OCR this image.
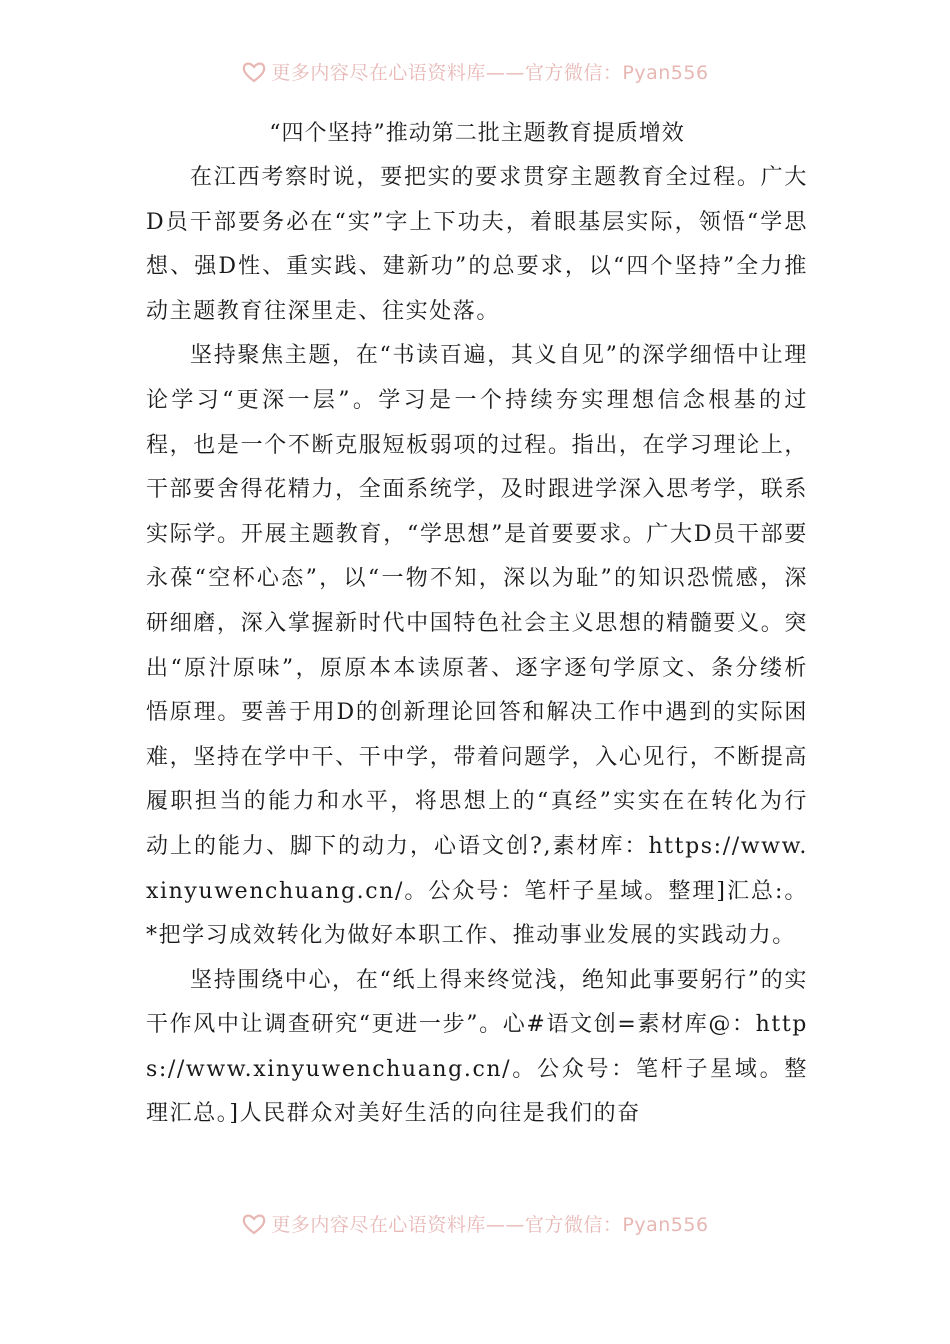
更多内容尽在心语资料库——官方微信：Pyan556
“四个坚持”推动第二批主题教育提质增效

在江西考察时说，要把实的要求贯穿主题教育全过程。广大D员干部要务必在“实”字上下功夫，着眼基层实际，领悟“学思想、强D性、重实践、建新功”的总要求，以“四个坚持”全力推动主题教育往深里走、往实处落。

坚持聚焦主题，在“书读百遍，其义自见”的深学细悟中让理论学习“更深一层”。学习是一个持续夯实理想信念根基的过程，也是一个不断克服短板弱项的过程。指出，在学习理论上，干部要舍得花精力，全面系统学，及时跟进学深入思考学，联系实际学。开展主题教育，“学思想”是首要要求。广大D员干部要永葆“空杯心态”，以“一物不知，深以为耻”的知识恐慌感，深研细磨，深入掌握新时代中国特色社会主义思想的精髓要义。突出“原汁原味”，原原本本读原著、逐字逐句学原文、条分缕析悟原理。要善于用D的创新理论回答和解决工作中遇到的实际困难，坚持在学中干、干中学，带着问题学，入心见行，不断提高履职担当的能力和水平，将思想上的“真经”实实在在转化为行动上的能力、脚下的动力，心语文创?,素材库：https://www.xinyuwenchuang.cn/。公众号：笔杆子星域。整理]汇总:。*把学习成效转化为做好本职工作、推动事业发展的实践动力。

坚持围绕中心，在“纸上得来终觉浅，绝知此事要躬行”的实干作风中让调查研究“更进一步”。心#语文创=素材库@：https://www.xinyuwenchuang.cn/。公众号：笔杆子星域。整理汇总。]人民群众对美好生活的向往是我们的奋

更多内容尽在心语资料库——官方微信：Pyan556
